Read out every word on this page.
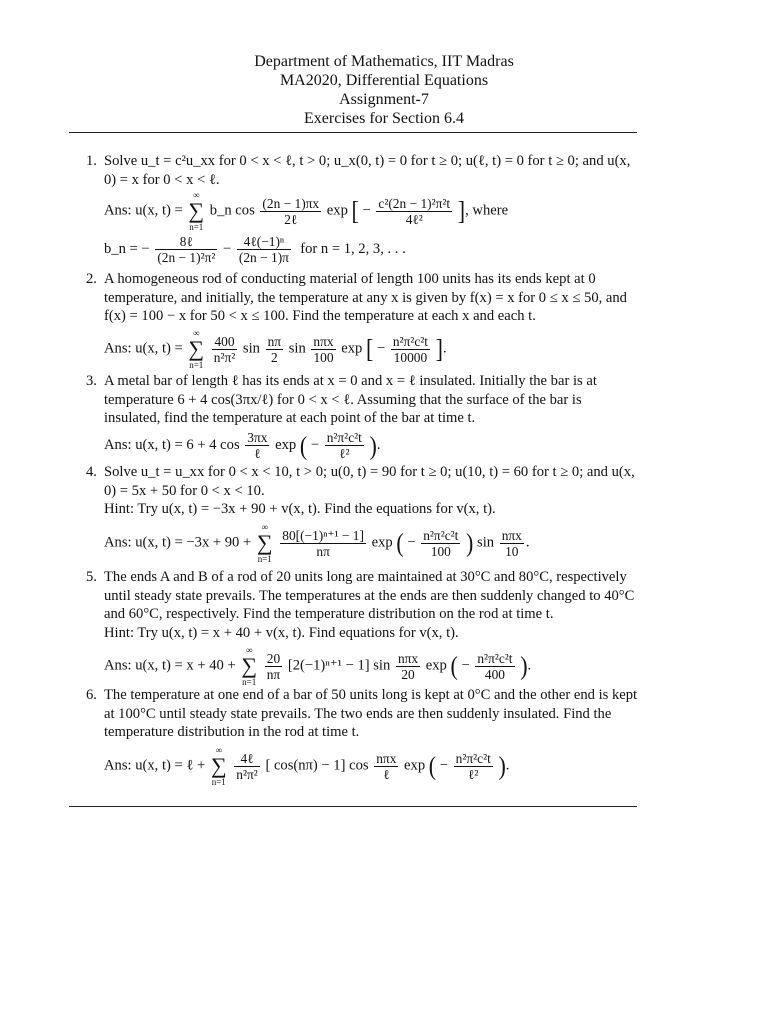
Department of Mathematics, IIT Madras
MA2020, Differential Equations
Assignment-7
Exercises for Section 6.4
1. Solve u_t = c²u_xx for 0 < x < ℓ, t > 0; u_x(0, t) = 0 for t ≥ 0; u(ℓ, t) = 0 for t ≥ 0; and u(x, 0) = x for 0 < x < ℓ.
Ans: u(x, t) =
∞
∑
n=1
b_n $\cos \frac{(2n - 1)\pi x}{\text{2ℓ}}$ exp [ − $\frac{\text{c²(2n − 1)²π²t}}{\text{4ℓ²}}$ ], where
b_n = − $\frac{\text{8ℓ}}{\text{(2n − 1)²π²}} - \frac{\text{4ℓ(−1)ⁿ}}{(2n - 1)\pi}$ for n = 1, 2, 3, . . .
2. A homogeneous rod of conducting material of length 100 units has its ends kept at 0 temperature, and initially, the temperature at any x is given by f(x) = x for 0 ≤ x ≤ 50, and f(x) = 100 − x for 50 < x ≤ 100. Find the temperature at each x and each t.
Ans: u(x, t) =
∞
∑
n=1

$\frac{400}{\text{n²π²}}$ $\sin \frac{n\pi}{2}$ $\sin \frac{\text{nπx}}{100}$ exp [ − $\frac{\text{n²π²c²t}}{10000}$ ].
3. A metal bar of length ℓ has its ends at x = 0 and x = ℓ insulated. Initially the bar is at temperature 6 + 4 cos(3πx/ℓ) for 0 < x < ℓ. Assuming that the surface of the bar is insulated, find the temperature at each point of the bar at time t.
Ans: u(x, t) = 6 + 4 $\cos \frac{3\pi x}{\text{ℓ}}$ exp ( − $\frac{\text{n²π²c²t}}{\text{ℓ²}}$ ).
4. Solve u_t = u_xx for 0 < x < 10, t > 0; u(0, t) = 90 for t ≥ 0; u(10, t) = 60 for t ≥ 0; and u(x, 0) = 5x + 50 for 0 < x < 10.
Hint: Try u(x, t) = −3x + 90 + v(x, t). Find the equations for v(x, t).
Ans: u(x, t) = −3x + 90 +
∞
∑
n=1

$\frac{\text{80[(−1)ⁿ⁺¹ − 1]}}{n\pi}$ exp ( − $\frac{\text{n²π²c²t}}{100}$ ) $\sin \frac{\text{nπx}}{10}$ .
5. The ends A and B of a rod of 20 units long are maintained at 30°C and 80°C, respectively until steady state prevails. The temperatures at the ends are then suddenly changed to 40°C and 60°C, respectively. Find the temperature distribution on the rod at time t.
Hint: Try u(x, t) = x + 40 + v(x, t). Find equations for v(x, t).
Ans: u(x, t) = x + 40 +
∞
∑
n=1

$\frac{20}{n\pi} [2(-1)^{n+1} - 1]$ $\sin \frac{\text{nπx}}{20}$ exp ( − $\frac{\text{n²π²c²t}}{400}$ ).
6. The temperature at one end of a bar of 50 units long is kept at 0°C and the other end is kept at 100°C until steady state prevails. The two ends are then suddenly insulated. Find the temperature distribution in the rod at time t.
Ans: u(x, t) = ℓ +
∞
∑
n=1

$\frac{\text{4ℓ}}{\text{n²π²}}$ [ cos(nπ) − 1] $\cos \frac{\text{nπx}}{\text{ℓ}}$ exp ( − $\frac{\text{n²π²c²t}}{\text{ℓ²}}$ ).
